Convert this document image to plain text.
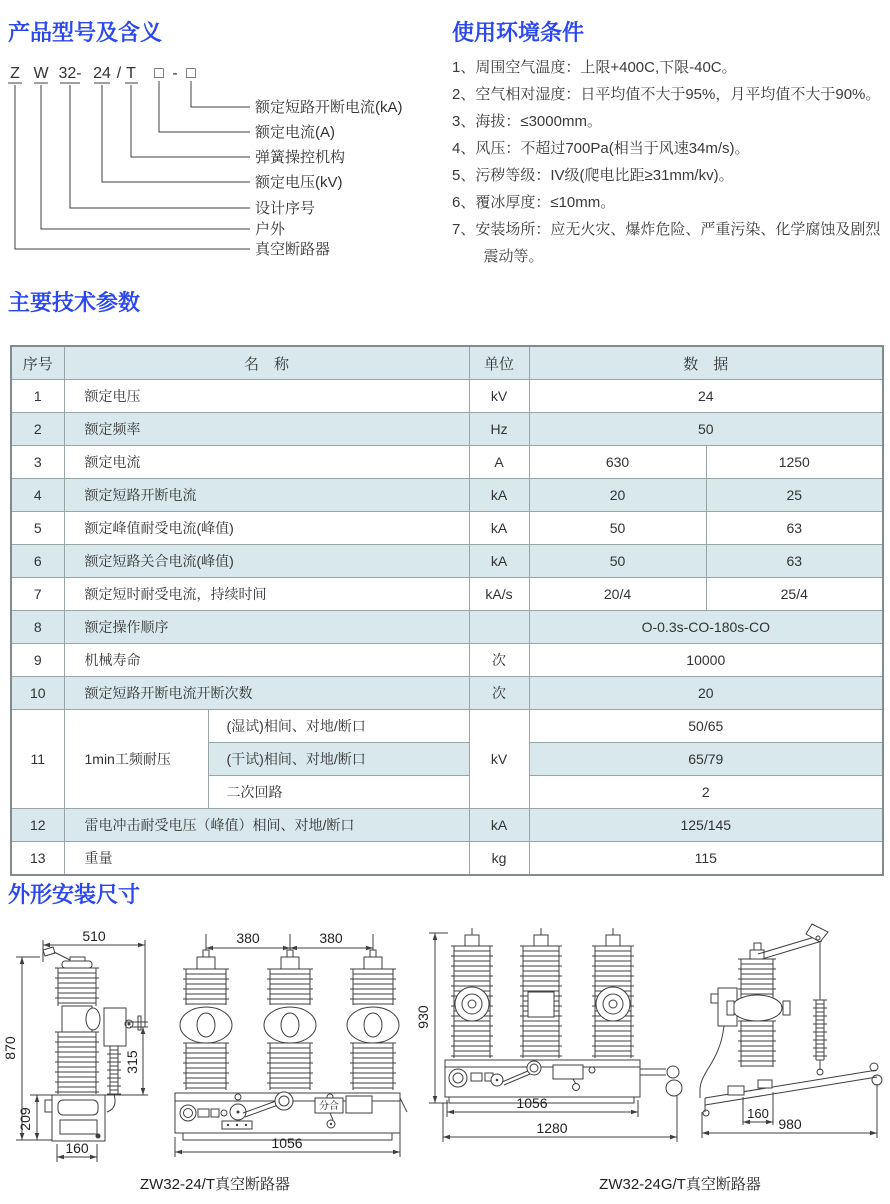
产品型号及含义	使用环境条件
主要技术参数
外形安装尺寸
Z W 32- 24 / T □ - □
额定短路开断电流(kA)
额定电流(A)
弹簧操控机构
额定电压(kV)
设计序号
户外
真空断路器
1、周围空气温度：上限+400C,下限-40C。
2、空气相对湿度：日平均值不大于95%，月平均值不大于90%。
3、海拔：≤3000mm。
4、风压：不超过700Pa(相当于风速34m/s)。
5、污秽等级：IV级(爬电比距≥31mm/kv)。
6、覆冰厚度：≤10mm。
7、安装场所：应无火灾、爆炸危险、严重污染、化学腐蚀及剧烈震动等。
序号	名　称		单位	数　据	
1	额定电压		kV	24	
2	额定频率		Hz	50	
3	额定电流		A	630	1250
4	额定短路开断电流		kA	20	25
5	额定峰值耐受电流(峰值)		kA	50	63
6	额定短路关合电流(峰值)		kA	50	63
7	额定短时耐受电流，持续时间		kA/s	20/4	25/4
8	额定操作顺序			O-0.3s-CO-180s-CO	
9	机械寿命		次	10000	
10	额定短路开断电流开断次数		次	20	
11	1min工频耐压	(湿试)相间、对地/断口	kV	50/65	
		(干试)相间、对地/断口		65/79	
		二次回路		2	
12	雷电冲击耐受电压（峰值）相间、对地/断口		kA	125/145	
13	重量		kg	115	
510
870
315
209
160
380	380
分合
1056
ZW32-24/T真空断路器
930
1056
1280
ZW32-24G/T真空断路器
160
980
